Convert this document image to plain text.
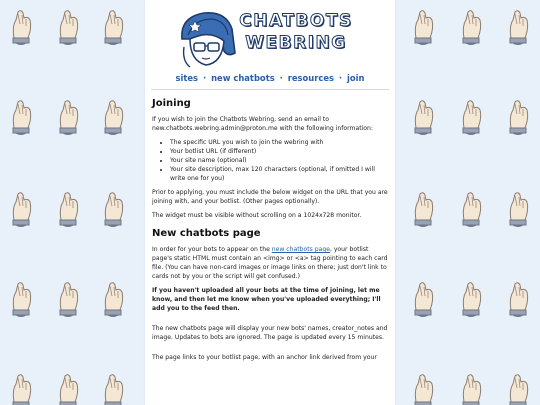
CHATBOTS
WEBRING
sites · new chatbots · resources · join
Joining

If you wish to join the Chatbots Webring, send an email to new.chatbots.webring.admin@proton.me with the following information:

• The specific URL you wish to join the webring with
• Your botlist URL (if different)
• Your site name (optional)
• Your site description, max 120 characters (optional, if omitted I will write one for you)

Prior to applying, you must include the below widget on the URL that you are joining with, and your botlist. (Other pages optionally).

The widget must be visible without scrolling on a 1024x728 monitor.

New chatbots page

In order for your bots to appear on the new chatbots page, your botlist page's static HTML must contain an <img> or <a> tag pointing to each card file. (You can have non-card images or image links on there; just don't link to cards not by you or the script will get confused.)

If you haven't uploaded all your bots at the time of joining, let me know, and then let me know when you've uploaded everything; I'll add you to the feed then.

The new chatbots page will display your new bots' names, creator_notes and image. Updates to bots are ignored. The page is updated every 15 minutes.

The page links to your botlist page, with an anchor link derived from your
